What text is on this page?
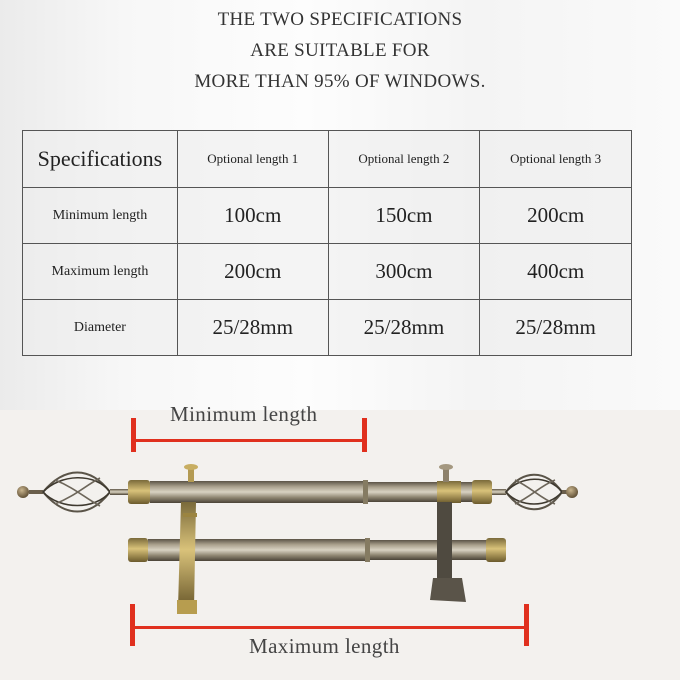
THE TWO SPECIFICATIONS
ARE SUITABLE FOR
MORE THAN 95% OF WINDOWS.
Specifications	Optional length 1	Optional length 2	Optional length 3
Minimum length	100cm	150cm	200cm
Maximum length	200cm	300cm	400cm
Diameter	25/28mm	25/28mm	25/28mm
Minimum length
Maximum length
